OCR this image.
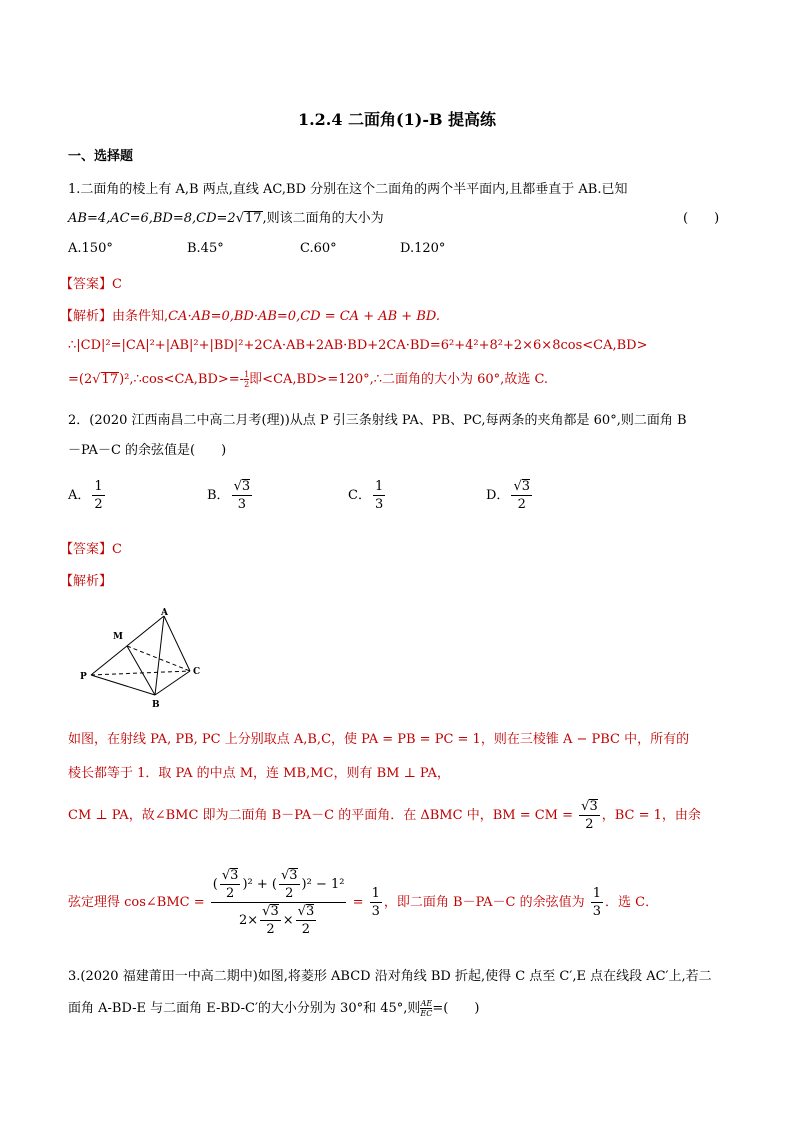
1.2.4 二面角(1)-B 提高练
一、选择题
1.二面角的棱上有 A,B 两点,直线 AC,BD 分别在这个二面角的两个半平面内,且都垂直于 AB.已知
AB=4,AC=6,BD=8,CD=2√17,则该二面角的大小为	(　　)
A.150°	B.45°	C.60°	D.120°
【答案】C
【解析】由条件知,CA·AB=0,BD·AB=0,CD = CA + AB + BD.
∴|CD|²=|CA|²+|AB|²+|BD|²+2CA·AB+2AB·BD+2CA·BD=6²+4²+8²+2×6×8cos<CA,BD>
=(2√17)²,∴cos<CA,BD>=- $\frac{1}{2}$ 即<CA,BD>=120°,∴二面角的大小为 60°,故选 C.
2．(2020 江西南昌二中高二月考(理))从点 P 引三条射线 PA、PB、PC,每两条的夹角都是 60°,则二面角 B
－PA－C 的余弦值是(　　)
A． $\frac{1}{2}$	B． $\frac{√3}{3}$	C． $\frac{1}{3}$	D． $\frac{√3}{2}$
【答案】C
【解析】
A
M
P	C
B
如图，在射线 PA, PB, PC 上分别取点 A,B,C，使 PA = PB = PC = 1，则在三棱锥 A − PBC 中，所有的
棱长都等于 1．取 PA 的中点 M，连 MB,MC，则有 BM ⊥ PA，
CM ⊥ PA，故∠BMC 即为二面角 B－PA－C 的平面角．在 ΔBMC 中，BM = CM = $\frac{√3}{2}$ ，BC = 1，由余
弦定理得 cos∠BMC = $\frac{( \frac{√3}{2} )^2 + ( \frac{√3}{2} )^2 - 1^2}{2\times \frac{√3}{2} \times \frac{√3}{2}} = \frac{1}{3}$ ，即二面角 B－PA－C 的余弦值为 $\frac{1}{3}$ ．选 C．
3.(2020 福建莆田一中高二期中)如图,将菱形 ABCD 沿对角线 BD 折起,使得 C 点至 C′,E 点在线段 AC′上,若二
面角 A-BD-E 与二面角 E-BD-C′的大小分别为 30°和 45°,则 $\frac{AE}{EC}$ =(　　)
